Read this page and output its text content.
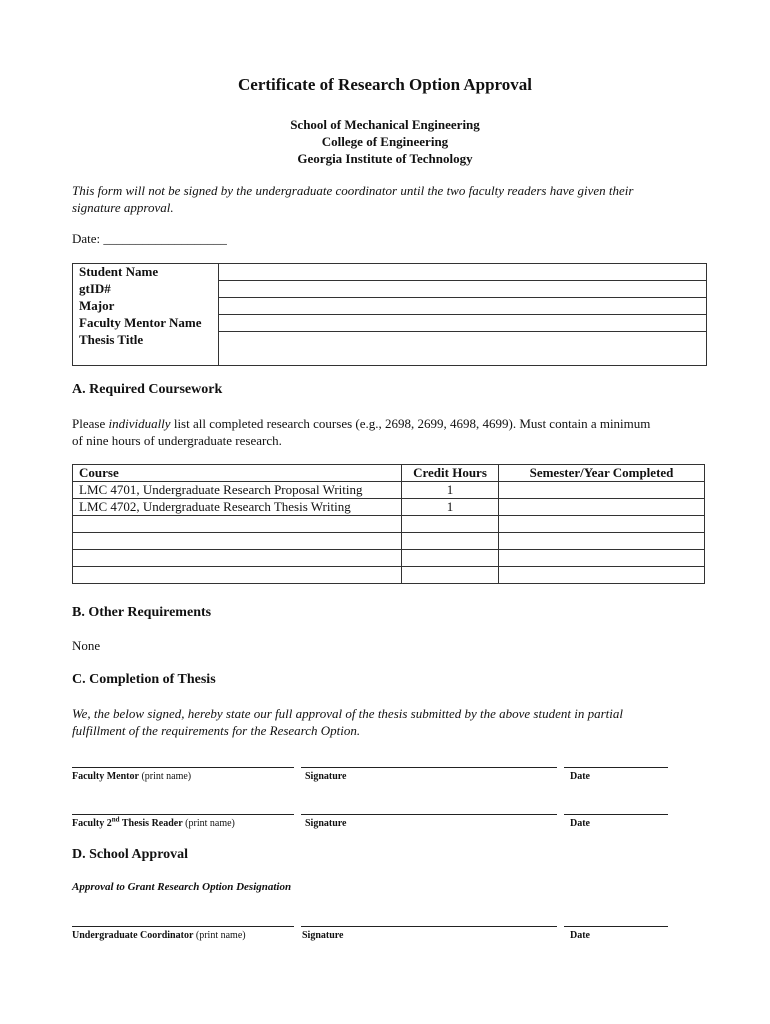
Certificate of Research Option Approval
School of Mechanical Engineering
College of Engineering
Georgia Institute of Technology
This form will not be signed by the undergraduate coordinator until the two faculty readers have given their
signature approval.
Date: ___________________
Student Name	
gtID#	
Major	
Faculty Mentor Name	
Thesis Title	
A. Required Coursework
Please individually list all completed research courses (e.g., 2698, 2699, 4698, 4699). Must contain a minimum
of nine hours of undergraduate research.
Course	Credit Hours	Semester/Year Completed
LMC 4701, Undergraduate Research Proposal Writing	1	
LMC 4702, Undergraduate Research Thesis Writing	1	

B. Other Requirements
None
C. Completion of Thesis
We, the below signed, hereby state our full approval of the thesis submitted by the above student in partial
fulfillment of the requirements for the Research Option.
Faculty Mentor (print name)	Signature	Date
Faculty 2nd Thesis Reader (print name)	Signature	Date
D. School Approval
Approval to Grant Research Option Designation
Undergraduate Coordinator (print name)	Signature	Date
